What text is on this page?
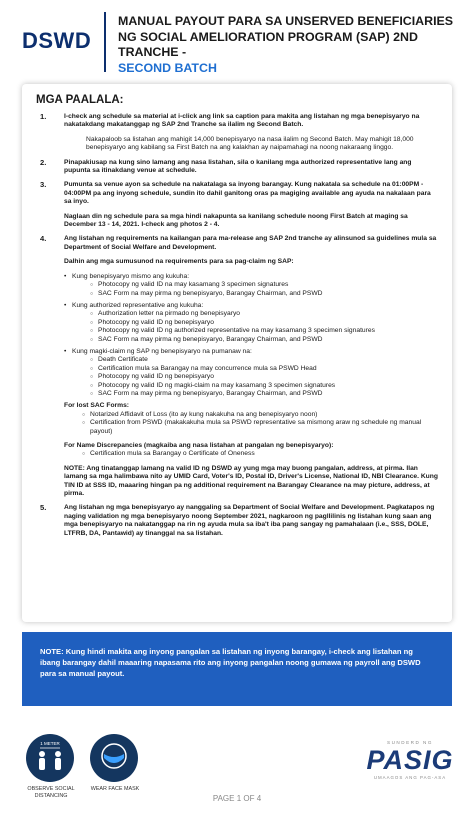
DSWD
MANUAL PAYOUT PARA SA UNSERVED BENEFICIARIES NG SOCIAL AMELIORATION PROGRAM (SAP) 2ND TRANCHE -
SECOND BATCH
MGA PAALALA:
1.	I-check ang schedule sa material at i-click ang link sa caption para makita ang listahan ng mga benepisyaryo na nakatakdang makatanggap ng SAP 2nd Tranche sa ilalim ng Second Batch.

Nakapaloob sa listahan ang mahigit 14,000 benepisyaryo na nasa ilalim ng Second Batch. May mahigit 18,000 benepisyaryo ang kabilang sa First Batch na ang kalakhan ay naipamahagi na noong nakaraang linggo.

2.	Pinapakiusap na kung sino lamang ang nasa listahan, sila o kanilang mga authorized representative lang ang pupunta sa itinakdang venue at schedule.

3.	Pumunta sa venue ayon sa schedule na nakatalaga sa inyong barangay. Kung nakatala sa schedule na 01:00PM - 04:00PM pa ang inyong schedule, sundin ito dahil ganitong oras pa magiging available ang ayuda na nakalaan para sa inyo.

Naglaan din ng schedule para sa mga hindi nakapunta sa kanilang schedule noong First Batch at maging sa December 13 - 14, 2021. I-check ang photos 2 - 4.

4.	Ang listahan ng requirements na kailangan para ma-release ang SAP 2nd tranche ay alinsunod sa guidelines mula sa Department of Social Welfare and Development.

Dalhin ang mga sumusunod na requirements para sa pag-claim ng SAP:

• Kung benepisyaryo mismo ang kukuha:
○ Photocopy ng valid ID na may kasamang 3 specimen signatures
○ SAC Form na may pirma ng benepisyaryo, Barangay Chairman, and PSWD
• Kung authorized representative ang kukuha:
○ Authorization letter na pirmado ng benepisyaryo
○ Photocopy ng valid ID ng benepisyaryo
○ Photocopy ng valid ID ng authorized representative na may kasamang 3 specimen signatures
○ SAC Form na may pirma ng benepisyaryo, Barangay Chairman, and PSWD
• Kung magki-claim ng SAP ng benepisyaryo na pumanaw na:
○ Death Certificate
○ Certification mula sa Barangay na may concurrence mula sa PSWD Head
○ Photocopy ng valid ID ng benepisyaryo
○ Photocopy ng valid ID ng magki-claim na may kasamang 3 specimen signatures
○ SAC Form na may pirma ng benepisyaryo, Barangay Chairman, and PSWD
For lost SAC Forms:
○ Notarized Affidavit of Loss (ito ay kung nakakuha na ang benepisyaryo noon)
○ Certification from PSWD (makakakuha mula sa PSWD representative sa mismong araw ng schedule ng manual payout)
For Name Discrepancies (magkaiba ang nasa listahan at pangalan ng benepisyaryo):
○ Certification mula sa Barangay o Certificate of Oneness

NOTE: Ang tinatanggap lamang na valid ID ng DSWD ay yung mga may buong pangalan, address, at pirma. Ilan lamang sa mga halimbawa nito ay UMID Card, Voter's ID, Postal ID, Driver's License, National ID, NBI Clearance. Kung TIN ID at SSS ID, maaaring hingan pa ng additional requirement na Barangay Clearance na may picture, address, at pirma.

5.	Ang listahan ng mga benepisyaryo ay nanggaling sa Department of Social Welfare and Development. Pagkatapos ng naging validation ng mga benepisyaryo noong September 2021, nagkaroon ng pagllilinis ng listahan kung saan ang mga benepisyaryo na nakatanggap na rin ng ayuda mula sa iba't iba pang sangay ng pamahalaan (i.e., SSS, DOLE, LTFRB, DA, Pantawid) ay tinanggal na sa listahan.

NOTE: Kung hindi makita ang inyong pangalan sa listahan ng inyong barangay, i-check ang listahan ng ibang barangay dahil maaaring napasama rito ang inyong pangalan noong gumawa ng payroll ang DSWD para sa manual payout.
1 METER
OBSERVE SOCIAL DISTANCING
WEAR FACE MASK
PAGE 1 OF 4
SUNDERD NG
PASIG
UMAAGOS ANG PAG-ASA
